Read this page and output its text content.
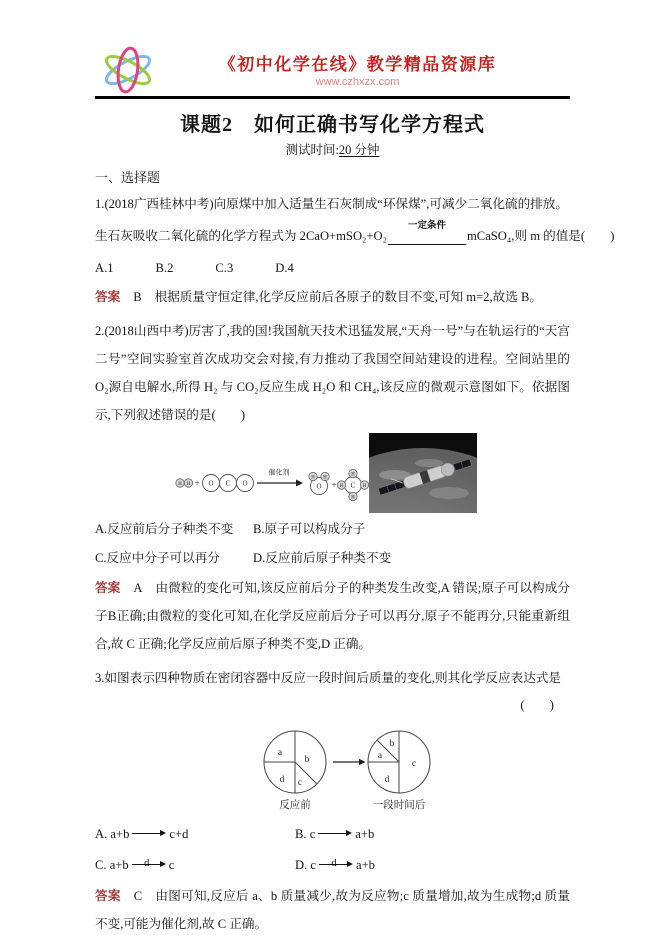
《初中化学在线》教学精品资源库
www.czhxzx.com
课题2　如何正确书写化学方程式
测试时间:20 分钟
一、选择题

1.(2018广西桂林中考)向原煤中加入适量生石灰制成“环保煤”,可减少二氧化硫的排放。

生石灰吸收二氧化硫的化学方程式为 2CaO+mSO₂+O₂
一定条件
mCaSO₄,则 m 的值是(　　)

A.1	B.2	C.3	D.4

答案 B 根据质量守恒定律,化学反应前后各原子的数目不变,可知 m=2,故选 B。

2.(2018山西中考)厉害了,我的国!我国航天技术迅猛发展,“天舟一号”与在轨运行的“天宫二号”空间实验室首次成功交会对接,有力推动了我国空间站建设的进程。空间站里的O₂源自电解水,所得 H₂ 与 CO₂反应生成 H₂O 和 CH₄,该反应的微观示意图如下。依据图示,下列叙述错误的是(　　)

H H + O C O
催化剂
O
H H
+ C
H
H	H
H
A.反应前后分子种类不变	B.原子可以构成分子
C.反应中分子可以再分	D.反应前后原子种类不变

答案 A 由微粒的变化可知,该反应前后分子的种类发生改变,A 错误;原子可以构成分子B正确;由微粒的变化可知,在化学反应前后分子可以再分,原子不能再分,只能重新组合,故 C 正确;化学反应前后原子种类不变,D 正确。

3.如图表示四种物质在密闭容器中反应一段时间后质量的变化,则其化学反应表达式是

(　　)
a
b
d c
反应前
b
a
c
d
一段时间后
A. a+b	c+d	B. c	a+b
C. a+b	d	c	D. c	d	a+b

答案 C 由图可知,反应后 a、b 质量减少,故为反应物;c 质量增加,故为生成物;d 质量不变,可能为催化剂,故 C 正确。
